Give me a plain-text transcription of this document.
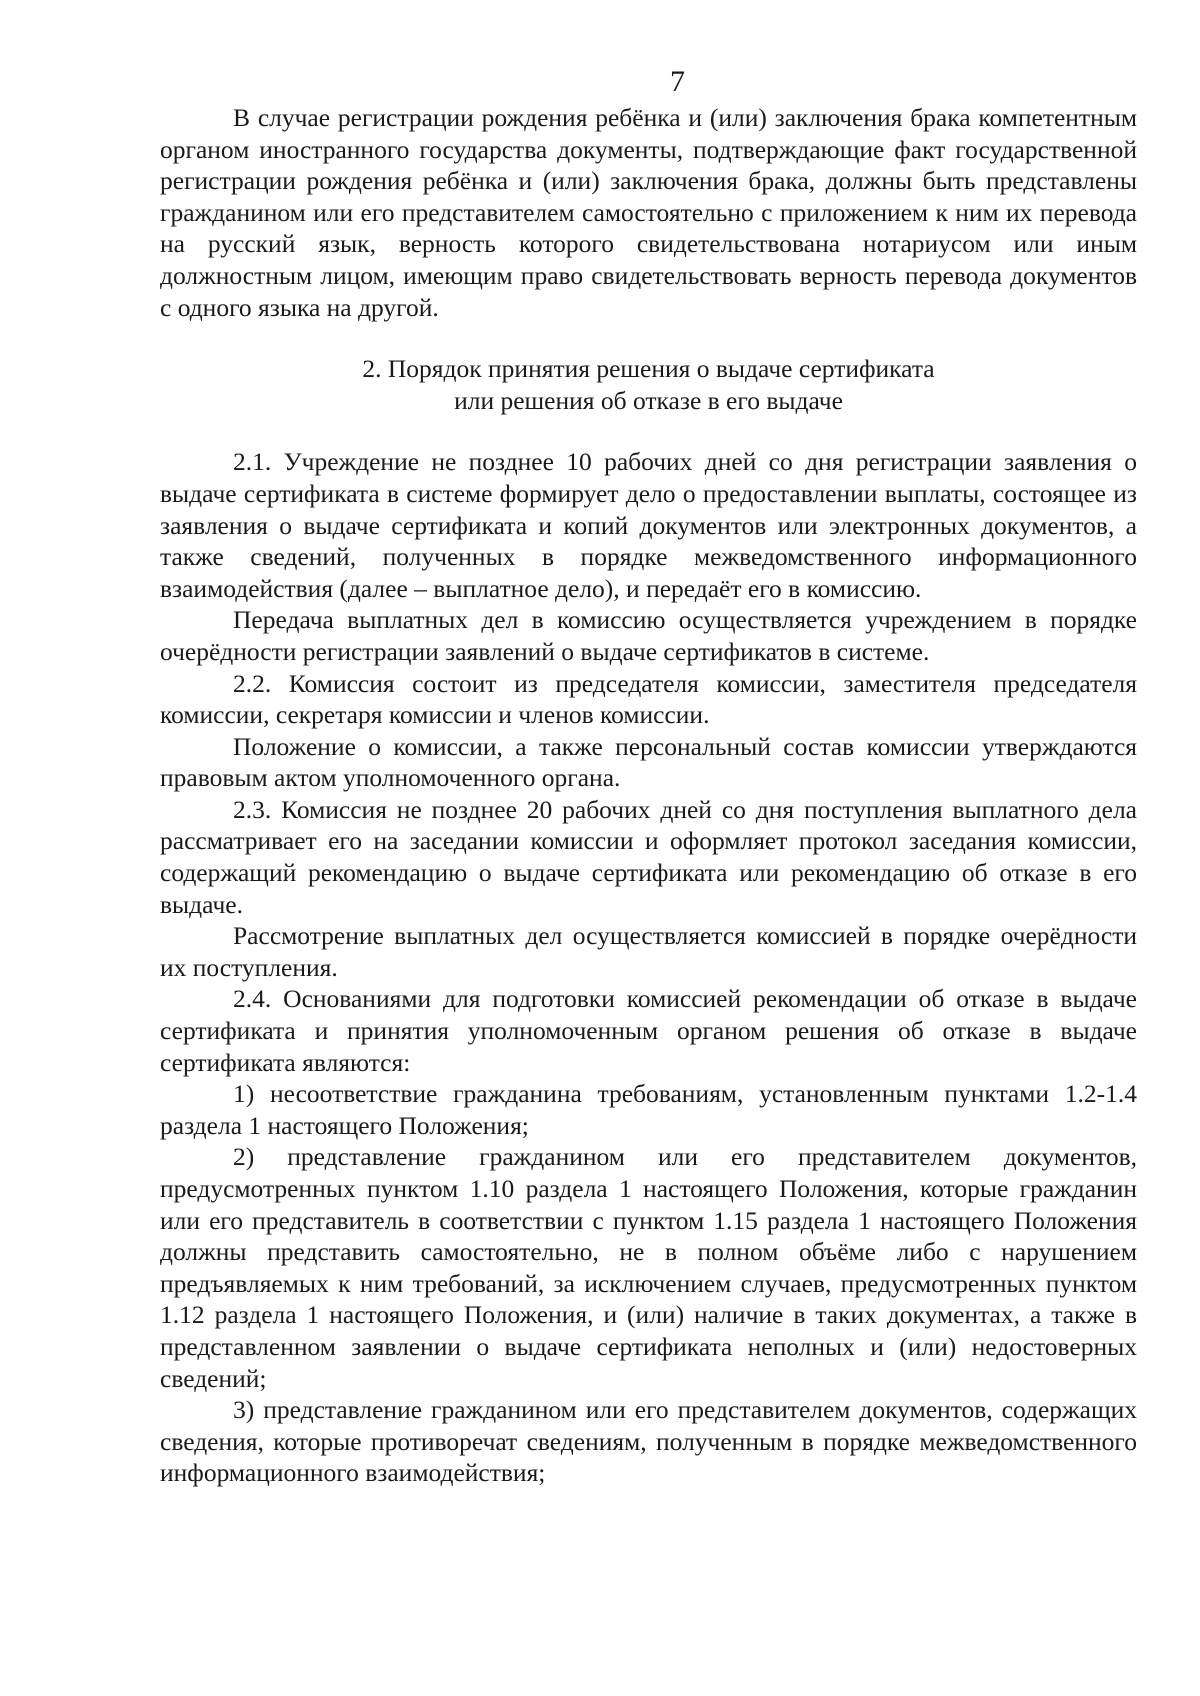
7

В случае регистрации рождения ребёнка и (или) заключения брака компетентным органом иностранного государства документы, подтверждающие факт государственной регистрации рождения ребёнка и (или) заключения брака, должны быть представлены гражданином или его представителем самостоятельно с приложением к ним их перевода на русский язык, верность которого свидетельствована нотариусом или иным должностным лицом, имеющим право свидетельствовать верность перевода документов с одного языка на другой.

2. Порядок принятия решения о выдаче сертификата

или решения об отказе в его выдаче

2.1. Учреждение не позднее 10 рабочих дней со дня регистрации заявления о выдаче сертификата в системе формирует дело о предоставлении выплаты, состоящее из заявления о выдаче сертификата и копий документов или электронных документов, а также сведений, полученных в порядке межведомственного информационного взаимодействия (далее – выплатное дело), и передаёт его в комиссию.

Передача выплатных дел в комиссию осуществляется учреждением в порядке очерёдности регистрации заявлений о выдаче сертификатов в системе.

2.2. Комиссия состоит из председателя комиссии, заместителя председателя комиссии, секретаря комиссии и членов комиссии.

Положение о комиссии, а также персональный состав комиссии утверждаются правовым актом уполномоченного органа.

2.3. Комиссия не позднее 20 рабочих дней со дня поступления выплатного дела рассматривает его на заседании комиссии и оформляет протокол заседания комиссии, содержащий рекомендацию о выдаче сертификата или рекомендацию об отказе в его выдаче.

Рассмотрение выплатных дел осуществляется комиссией в порядке очерёдности их поступления.

2.4. Основаниями для подготовки комиссией рекомендации об отказе в выдаче сертификата и принятия уполномоченным органом решения об отказе в выдаче сертификата являются:

1) несоответствие гражданина требованиям, установленным пунктами 1.2-1.4 раздела 1 настоящего Положения;

2) представление гражданином или его представителем документов, предусмотренных пунктом 1.10 раздела 1 настоящего Положения, которые гражданин или его представитель в соответствии с пунктом 1.15 раздела 1 настоящего Положения должны представить самостоятельно, не в полном объёме либо с нарушением предъявляемых к ним требований, за исключением случаев, предусмотренных пунктом 1.12 раздела 1 настоящего Положения, и (или) наличие в таких документах, а также в представленном заявлении о выдаче сертификата неполных и (или) недостоверных сведений;

3) представление гражданином или его представителем документов, содержащих сведения, которые противоречат сведениям, полученным в порядке межведомственного информационного взаимодействия;
